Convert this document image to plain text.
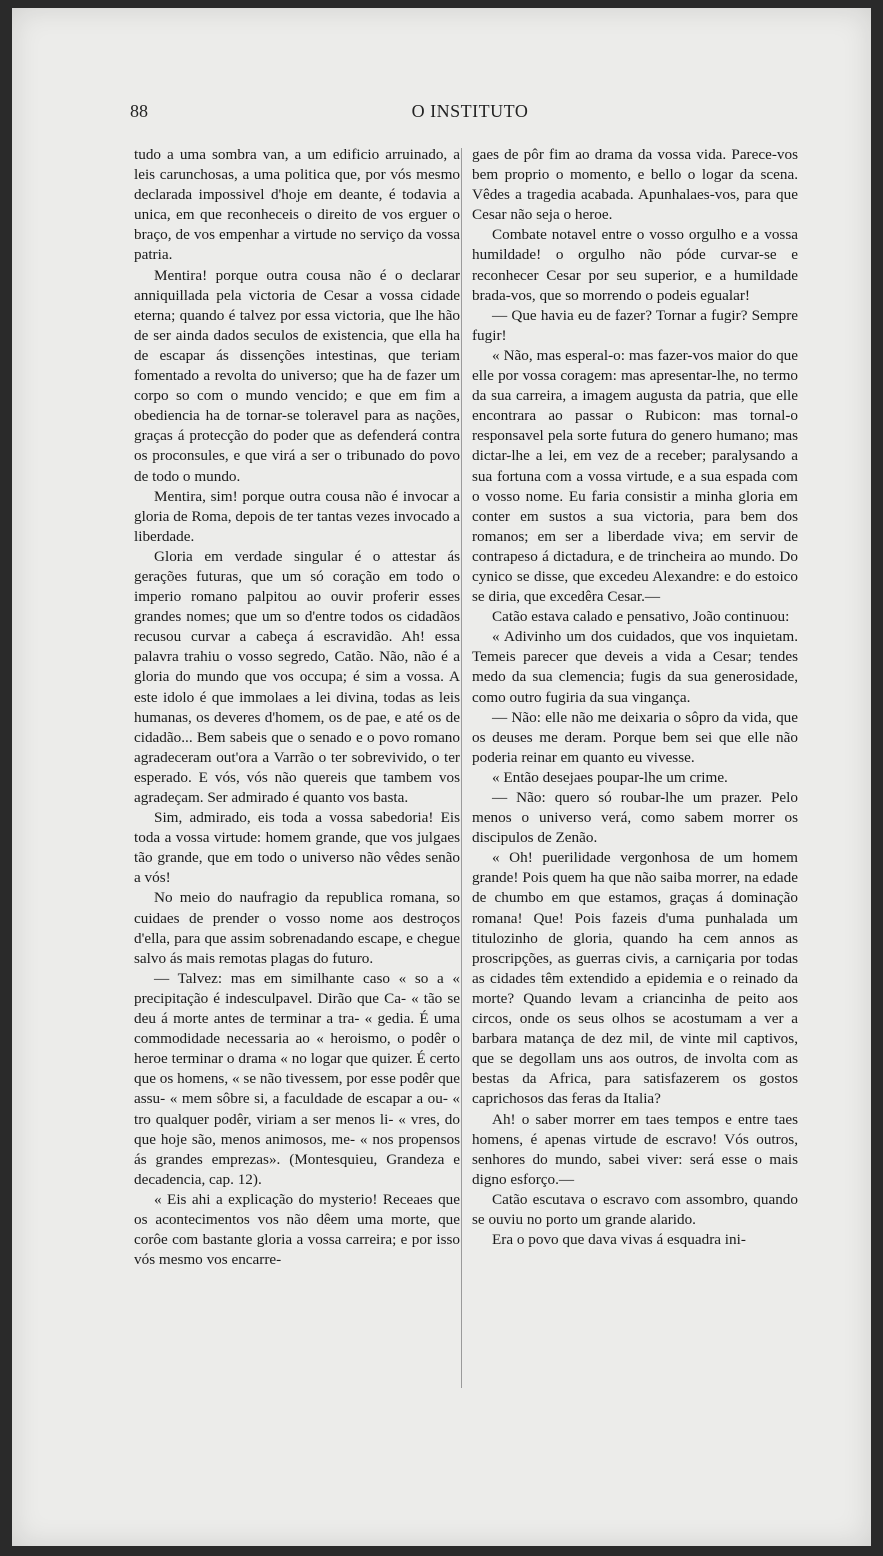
88	O INSTITUTO

tudo a uma sombra van, a um edificio arruinado, a leis carunchosas, a uma politica que, por vós mesmo declarada impossivel d'hoje em deante, é todavia a unica, em que reconheceis o direito de vos erguer o braço, de vos empenhar a virtude no serviço da vossa patria.

Mentira! porque outra cousa não é o declarar anniquillada pela victoria de Cesar a vossa cidade eterna; quando é talvez por essa victoria, que lhe hão de ser ainda dados seculos de existencia, que ella ha de escapar ás dissenções intestinas, que teriam fomentado a revolta do universo; que ha de fazer um corpo so com o mundo vencido; e que em fim a obediencia ha de tornar-se toleravel para as nações, graças á protecção do poder que as defenderá contra os proconsules, e que virá a ser o tribunado do povo de todo o mundo.

Mentira, sim! porque outra cousa não é invocar a gloria de Roma, depois de ter tantas vezes invocado a liberdade.

Gloria em verdade singular é o attestar ás gerações futuras, que um só coração em todo o imperio romano palpitou ao ouvir proferir esses grandes nomes; que um so d'entre todos os cidadãos recusou curvar a cabeça á escravidão. Ah! essa palavra trahiu o vosso segredo, Catão. Não, não é a gloria do mundo que vos occupa; é sim a vossa. A este idolo é que immolaes a lei divina, todas as leis humanas, os deveres d'homem, os de pae, e até os de cidadão... Bem sabeis que o senado e o povo romano agradeceram out'ora a Varrão o ter sobrevivido, o ter esperado. E vós, vós não quereis que tambem vos agradeçam. Ser admirado é quanto vos basta.

Sim, admirado, eis toda a vossa sabedoria! Eis toda a vossa virtude: homem grande, que vos julgaes tão grande, que em todo o universo não vêdes senão a vós!

No meio do naufragio da republica romana, so cuidaes de prender o vosso nome aos destroços d'ella, para que assim sobrenadando escape, e chegue salvo ás mais remotas plagas do futuro.

— Talvez: mas em similhante caso « so a « precipitação é indesculpavel. Dirão que Ca- « tão se deu á morte antes de terminar a tra- « gedia. É uma commodidade necessaria ao « heroismo, o podêr o heroe terminar o drama « no logar que quizer. É certo que os homens, « se não tivessem, por esse podêr que assu- « mem sôbre si, a faculdade de escapar a ou- « tro qualquer podêr, viriam a ser menos li- « vres, do que hoje são, menos animosos, me- « nos propensos ás grandes emprezas». (Montesquieu, Grandeza e decadencia, cap. 12).

« Eis ahi a explicação do mysterio! Receaes que os acontecimentos vos não dêem uma morte, que corôe com bastante gloria a vossa carreira; e por isso vós mesmo vos encarre-

gaes de pôr fim ao drama da vossa vida. Parece-vos bem proprio o momento, e bello o logar da scena. Vêdes a tragedia acabada. Apunhalaes-vos, para que Cesar não seja o heroe.

Combate notavel entre o vosso orgulho e a vossa humildade! o orgulho não póde curvar-se e reconhecer Cesar por seu superior, e a humildade brada-vos, que so morrendo o podeis egualar!

— Que havia eu de fazer? Tornar a fugir? Sempre fugir!

« Não, mas esperal-o: mas fazer-vos maior do que elle por vossa coragem: mas apresentar-lhe, no termo da sua carreira, a imagem augusta da patria, que elle encontrara ao passar o Rubicon: mas tornal-o responsavel pela sorte futura do genero humano; mas dictar-lhe a lei, em vez de a receber; paralysando a sua fortuna com a vossa virtude, e a sua espada com o vosso nome. Eu faria consistir a minha gloria em conter em sustos a sua victoria, para bem dos romanos; em ser a liberdade viva; em servir de contrapeso á dictadura, e de trincheira ao mundo. Do cynico se disse, que excedeu Alexandre: e do estoico se diria, que excedêra Cesar.—

Catão estava calado e pensativo, João continuou:

« Adivinho um dos cuidados, que vos inquietam. Temeis parecer que deveis a vida a Cesar; tendes medo da sua clemencia; fugis da sua generosidade, como outro fugiria da sua vingança.

— Não: elle não me deixaria o sôpro da vida, que os deuses me deram. Porque bem sei que elle não poderia reinar em quanto eu vivesse.

« Então desejaes poupar-lhe um crime.

— Não: quero só roubar-lhe um prazer. Pelo menos o universo verá, como sabem morrer os discipulos de Zenão.

« Oh! puerilidade vergonhosa de um homem grande! Pois quem ha que não saiba morrer, na edade de chumbo em que estamos, graças á dominação romana! Que! Pois fazeis d'uma punhalada um titulozinho de gloria, quando ha cem annos as proscripções, as guerras civis, a carniçaria por todas as cidades têm extendido a epidemia e o reinado da morte? Quando levam a criancinha de peito aos circos, onde os seus olhos se acostumam a ver a barbara matança de dez mil, de vinte mil captivos, que se degollam uns aos outros, de involta com as bestas da Africa, para satisfazerem os gostos caprichosos das feras da Italia?

Ah! o saber morrer em taes tempos e entre taes homens, é apenas virtude de escravo! Vós outros, senhores do mundo, sabei viver: será esse o mais digno esforço.—

Catão escutava o escravo com assombro, quando se ouviu no porto um grande alarido.

Era o povo que dava vivas á esquadra ini-
